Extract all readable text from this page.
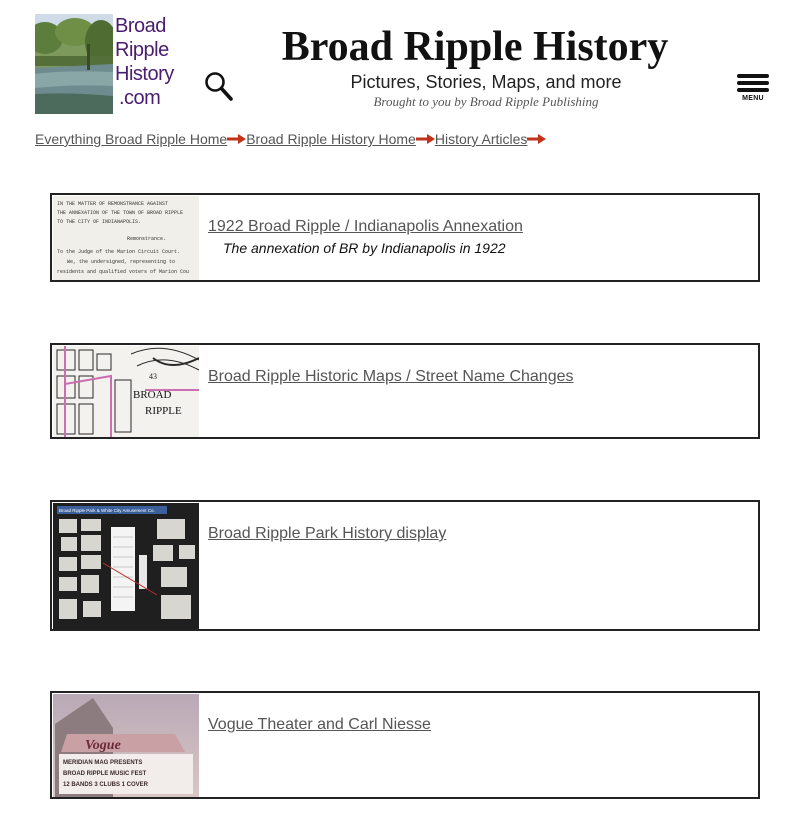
Broad
Ripple
History
.com
Broad Ripple History
Pictures, Stories, Maps, and more
Brought to you by Broad Ripple Publishing	MENU
Everything Broad Ripple Home Broad Ripple History Home History Articles
IN THE MATTER OF REMONSTRANCE AGAINST
THE ANNEXATION OF THE TOWN OF BROAD RIPPLE
TO THE CITY OF INDIANAPOLIS.
Remonstrance.
To the Judge of the Marion Circuit Court.
We, the undersigned, representing to
residents and qualified voters of Marion Cou
1922 Broad Ripple / Indianapolis Annexation
The annexation of BR by Indianapolis in 1922
43
BROAD
RIPPLE
Broad Ripple Historic Maps / Street Name Changes
Broad Ripple Park & White City Amusement Co.
Broad Ripple Park History display
Vogue
MERIDIAN MAG PRESENTS
BROAD RIPPLE MUSIC FEST
12 BANDS 3 CLUBS 1 COVER
Vogue Theater and Carl Niesse
